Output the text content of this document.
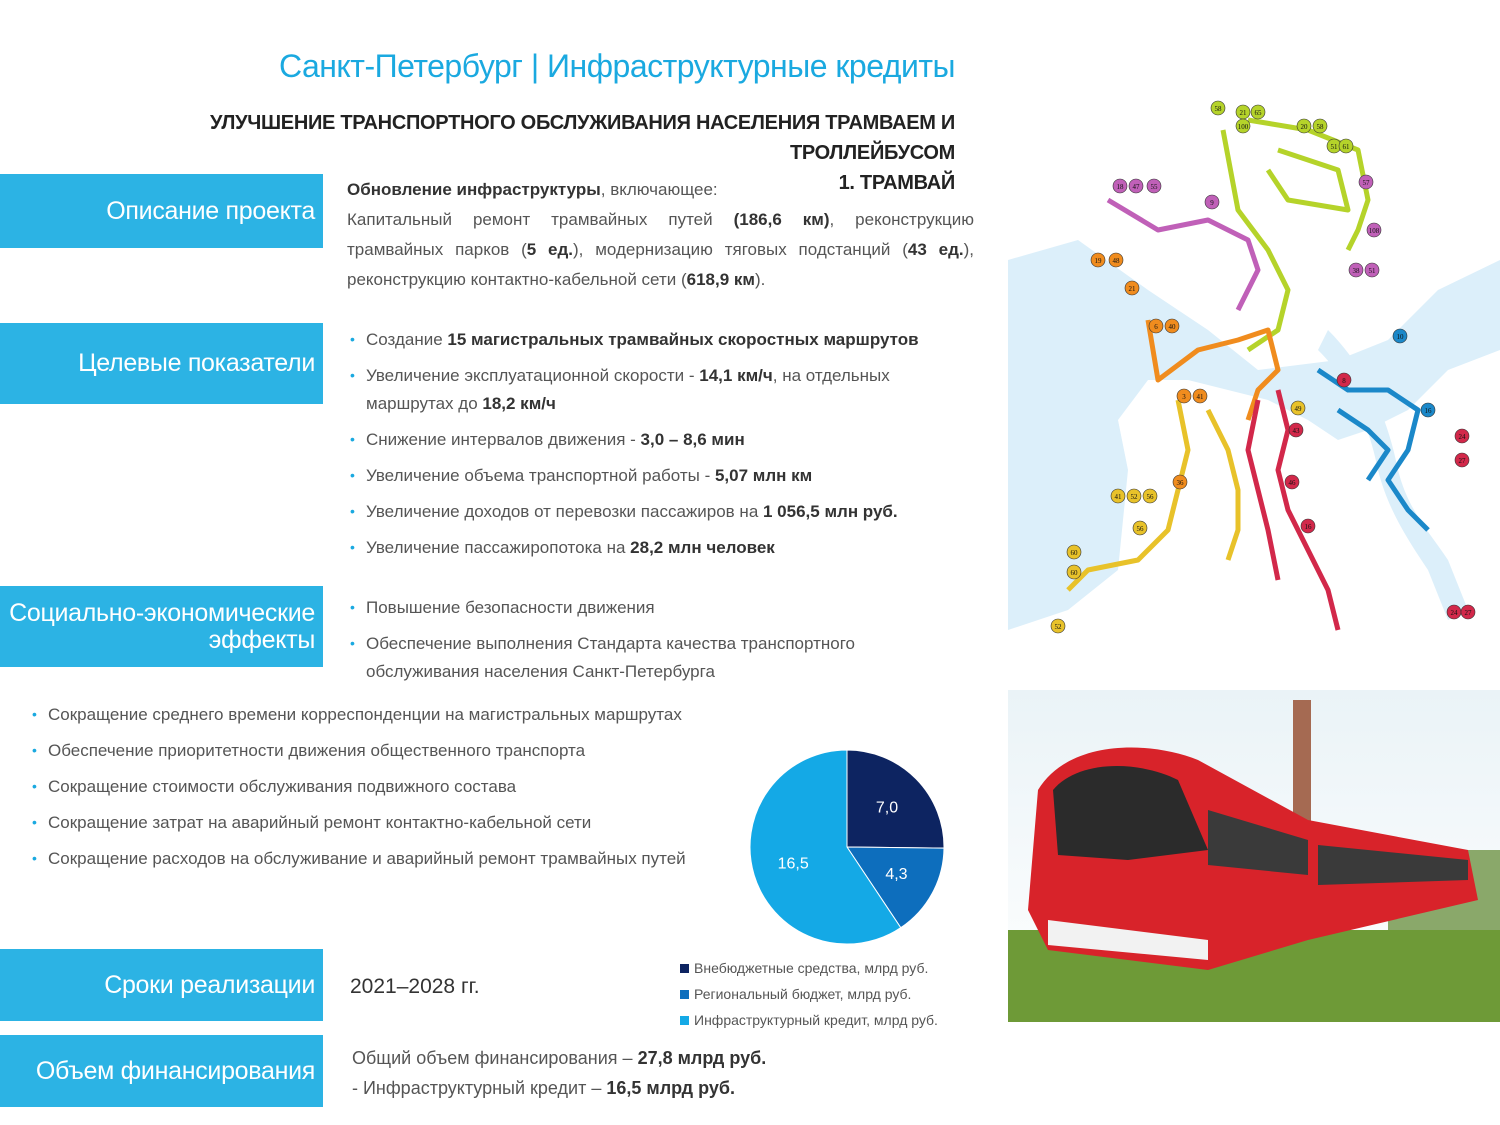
Санкт-Петербург | Инфраструктурные кредиты
УЛУЧШЕНИЕ ТРАНСПОРТНОГО ОБСЛУЖИВАНИЯ НАСЕЛЕНИЯ ТРАМВАЕМ И ТРОЛЛЕЙБУСОМ
1. ТРАМВАЙ
Описание проекта
Целевые показатели
Социально-экономические
эффекты
Сроки реализации
Объем финансирования
Обновление инфраструктуры, включающее:
Капитальный ремонт трамвайных путей (186,6 км), реконструкцию трамвайных парков (5 ед.), модернизацию тяговых подстанций (43 ед.), реконструкцию контактно-кабельной сети (618,9 км).
• Создание 15 магистральных трамвайных скоростных маршрутов
• Увеличение эксплуатационной скорости - 14,1 км/ч, на отдельных маршрутах до 18,2 км/ч
• Снижение интервалов движения - 3,0 – 8,6 мин
• Увеличение объема транспортной работы - 5,07 млн км
• Увеличение доходов от перевозки пассажиров на 1 056,5 млн руб.
• Увеличение пассажиропотока на 28,2 млн человек
• Повышение безопасности движения
• Обеспечение выполнения Стандарта качества транспортного обслуживания населения Санкт-Петербурга
• Сокращение среднего времени корреспонденции на магистральных маршрутах
• Обеспечение приоритетности движения общественного транспорта
• Сокращение стоимости обслуживания подвижного состава
• Сокращение затрат на аварийный ремонт контактно-кабельной сети
• Сокращение расходов на обслуживание и аварийный ремонт трамвайных путей
2021–2028 гг.
Общий объем финансирования – 27,8 млрд руб.
- Инфраструктурный кредит – 16,5 млрд руб.
7,0
4,3
16,5
Внебюджетные средства, млрд руб.
Региональный бюджет, млрд руб.
Инфраструктурный кредит, млрд руб.
58	21 65
100	20 58
51 61
57
108
9
38 51
18 47 55
19 48
21
6 40
3 41
36
41 52 56
60
56
60
52
49
43
46
16
24
27
24 27
8
10
16
